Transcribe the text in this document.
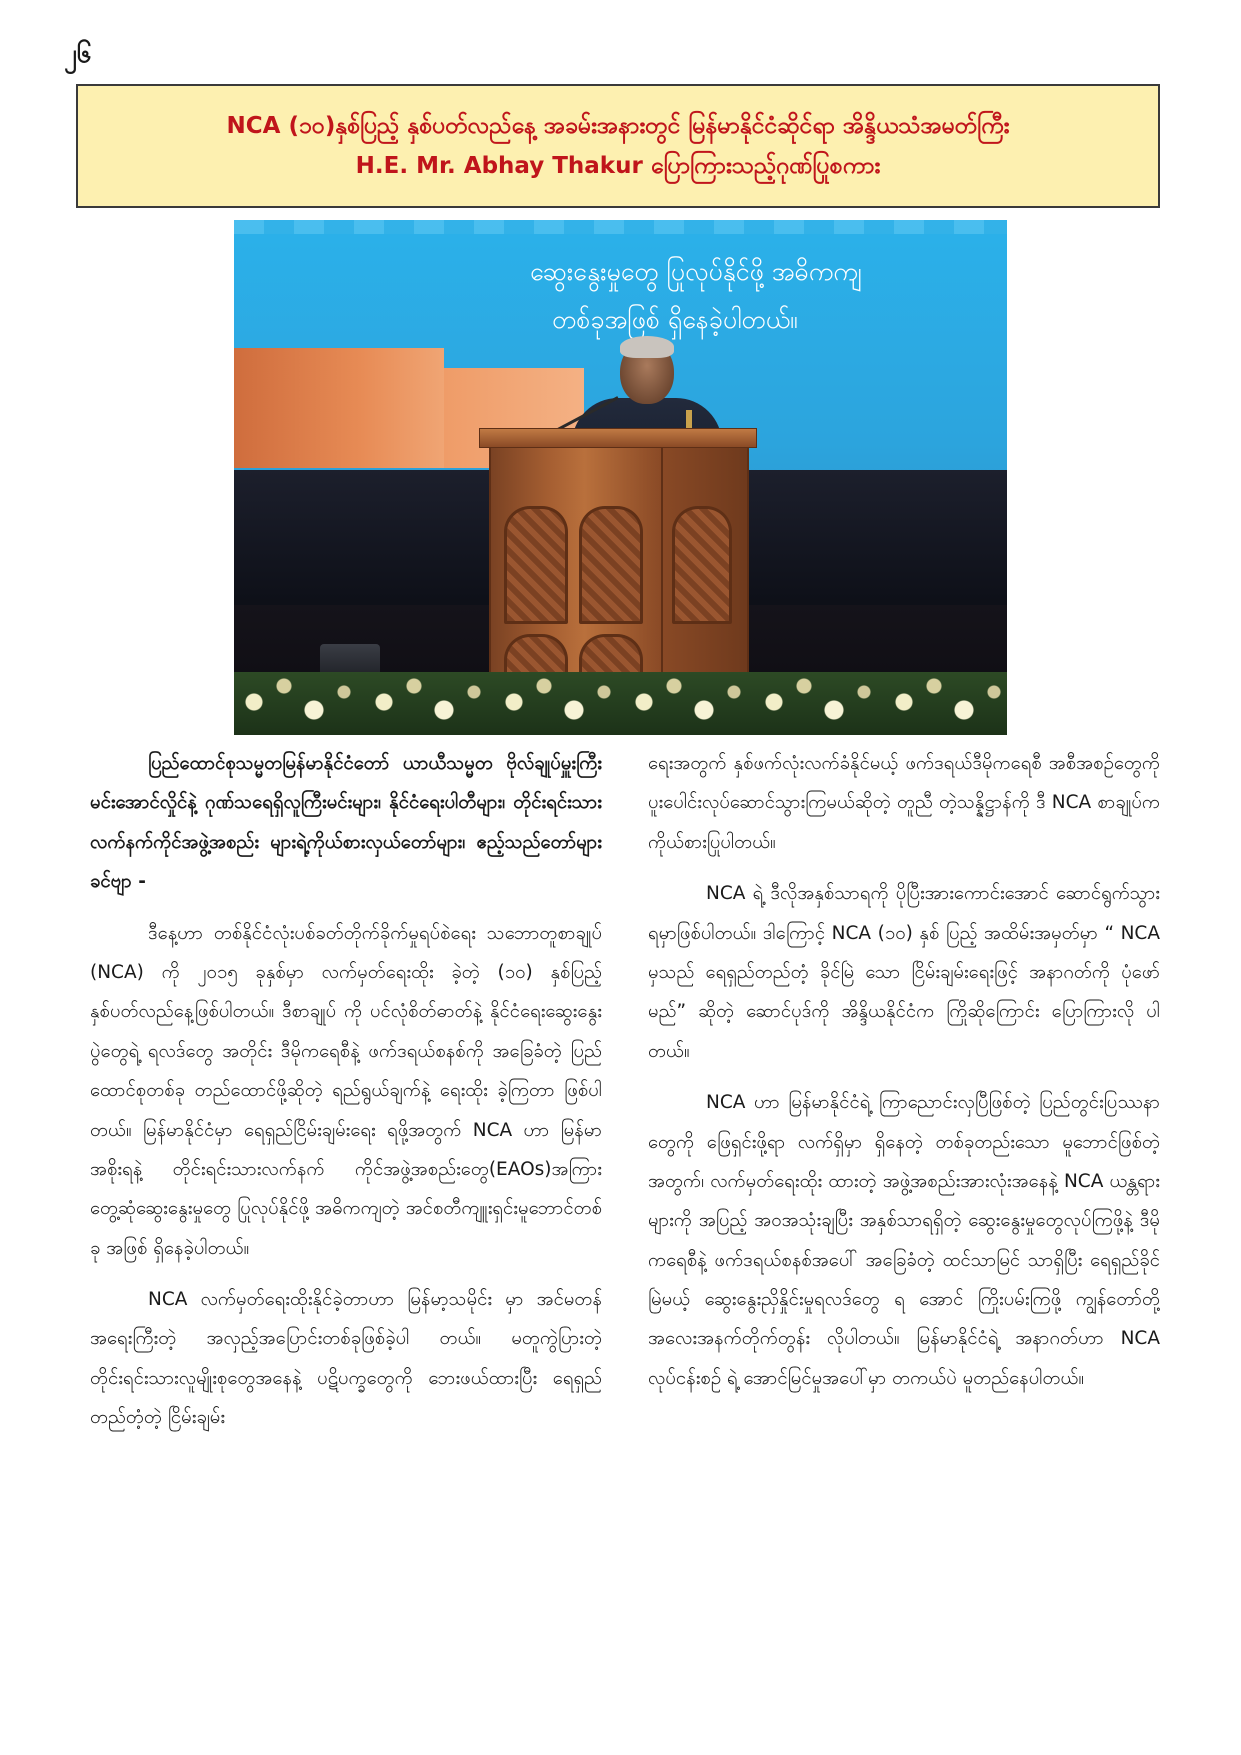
၂၆
NCA (၁၀)နှစ်ပြည့် နှစ်ပတ်လည်နေ့ အခမ်းအနားတွင် မြန်မာနိုင်ငံဆိုင်ရာ အိန္ဒိယသံအမတ်ကြီး
H.E. Mr. Abhay Thakur ပြောကြားသည့်ဂုဏ်ပြုစကား
ဆွေးနွေးမှုတွေ ပြုလုပ်နိုင်ဖို့ အဓိကကျ
တစ်ခုအဖြစ် ရှိနေခဲ့ပါတယ်။

ပြည်ထောင်စုသမ္မတမြန်မာနိုင်ငံတော် ယာယီသမ္မတ ဗိုလ်ချုပ်မှူးကြီးမင်းအောင်လှိုင်နဲ့ ဂုဏ်သရေရှိလူကြီးမင်းများ၊ နိုင်ငံရေးပါတီများ၊ တိုင်းရင်းသားလက်နက်ကိုင်အဖွဲ့အစည်း များရဲ့ကိုယ်စားလှယ်တော်များ၊ ဧည့်သည်တော်များခင်ဗျာ -

ဒီနေ့ဟာ တစ်နိုင်ငံလုံးပစ်ခတ်တိုက်ခိုက်မှုရပ်စဲရေး သဘောတူစာချုပ် (NCA) ကို ၂၀၁၅ ခုနှစ်မှာ လက်မှတ်ရေးထိုး ခဲ့တဲ့ (၁၀) နှစ်ပြည့် နှစ်ပတ်လည်နေ့ဖြစ်ပါတယ်။ ဒီစာချုပ် ကို ပင်လုံစိတ်ဓာတ်နဲ့ နိုင်ငံရေးဆွေးနွေးပွဲတွေရဲ့ ရလဒ်တွေ အတိုင်း ဒီမိုကရေစီနဲ့ ဖက်ဒရယ်စနစ်ကို အခြေခံတဲ့ ပြည် ထောင်စုတစ်ခု တည်ထောင်ဖို့ဆိုတဲ့ ရည်ရွယ်ချက်နဲ့ ရေးထိုး ခဲ့ကြတာ ဖြစ်ပါတယ်။ မြန်မာနိုင်ငံမှာ ရေရှည်ငြိမ်းချမ်းရေး ရဖို့အတွက် NCA ဟာ မြန်မာအစိုးရနဲ့ တိုင်းရင်းသားလက်နက် ကိုင်အဖွဲ့အစည်းတွေ(EAOs)အကြား တွေ့ဆုံဆွေးနွေးမှုတွေ ပြုလုပ်နိုင်ဖို့ အဓိကကျတဲ့ အင်စတီကျူးရှင်းမူဘောင်တစ်ခု အဖြစ် ရှိနေခဲ့ပါတယ်။

NCA လက်မှတ်ရေးထိုးနိုင်ခဲ့တာဟာ မြန်မာ့သမိုင်း မှာ အင်မတန်အရေးကြီးတဲ့ အလှည့်အပြောင်းတစ်ခုဖြစ်ခဲ့ပါ တယ်။ မတူကွဲပြားတဲ့ တိုင်းရင်းသားလူမျိုးစုတွေအနေနဲ့ ပဋိပက္ခတွေကို ဘေးဖယ်ထားပြီး ရေရှည်တည်တံ့တဲ့ ငြိမ်းချမ်း

ရေးအတွက် နှစ်ဖက်လုံးလက်ခံနိုင်မယ့် ဖက်ဒရယ်ဒီမိုကရေစီ အစီအစဉ်တွေကို ပူးပေါင်းလုပ်ဆောင်သွားကြမယ်ဆိုတဲ့ တူညီ တဲ့သန္နိဋ္ဌာန်ကို ဒီ NCA စာချုပ်က ကိုယ်စားပြုပါတယ်။

NCA ရဲ့ ဒီလိုအနှစ်သာရကို ပိုပြီးအားကောင်းအောင် ဆောင်ရွက်သွားရမှာဖြစ်ပါတယ်။ ဒါကြောင့် NCA (၁၀) နှစ် ပြည့် အထိမ်းအမှတ်မှာ “ NCA မှသည် ရေရှည်တည်တံ့ ခိုင်မြဲ သော ငြိမ်းချမ်းရေးဖြင့် အနာဂတ်ကို ပုံဖော်မည်” ဆိုတဲ့ ဆောင်ပုဒ်ကို အိန္ဒိယနိုင်ငံက ကြိုဆိုကြောင်း ပြောကြားလို ပါတယ်။

NCA ဟာ မြန်မာနိုင်ငံရဲ့ ကြာညောင်းလှပြီဖြစ်တဲ့ ပြည်တွင်းပြဿနာတွေကို ဖြေရှင်းဖို့ရာ လက်ရှိမှာ ရှိနေတဲ့ တစ်ခုတည်းသော မူဘောင်ဖြစ်တဲ့အတွက်၊ လက်မှတ်ရေးထိုး ထားတဲ့ အဖွဲ့အစည်းအားလုံးအနေနဲ့ NCA ယန္တရားများကို အပြည့် အဝအသုံးချပြီး အနှစ်သာရရှိတဲ့ ဆွေးနွေးမှုတွေလုပ်ကြဖို့နဲ့ ဒီမိုကရေစီနဲ့ ဖက်ဒရယ်စနစ်အပေါ် အခြေခံတဲ့ ထင်သာမြင် သာရှိပြီး ရေရှည်ခိုင်မြဲမယ့် ဆွေးနွေးညှိနှိုင်းမှုရလဒ်တွေ ရ အောင် ကြိုးပမ်းကြဖို့ ကျွန်တော်တို့ အလေးအနက်တိုက်တွန်း လိုပါတယ်။ မြန်မာနိုင်ငံရဲ့ အနာဂတ်ဟာ NCA လုပ်ငန်းစဉ် ရဲ့ အောင်မြင်မှုအပေါ်မှာ တကယ်ပဲ မူတည်နေပါတယ်။
